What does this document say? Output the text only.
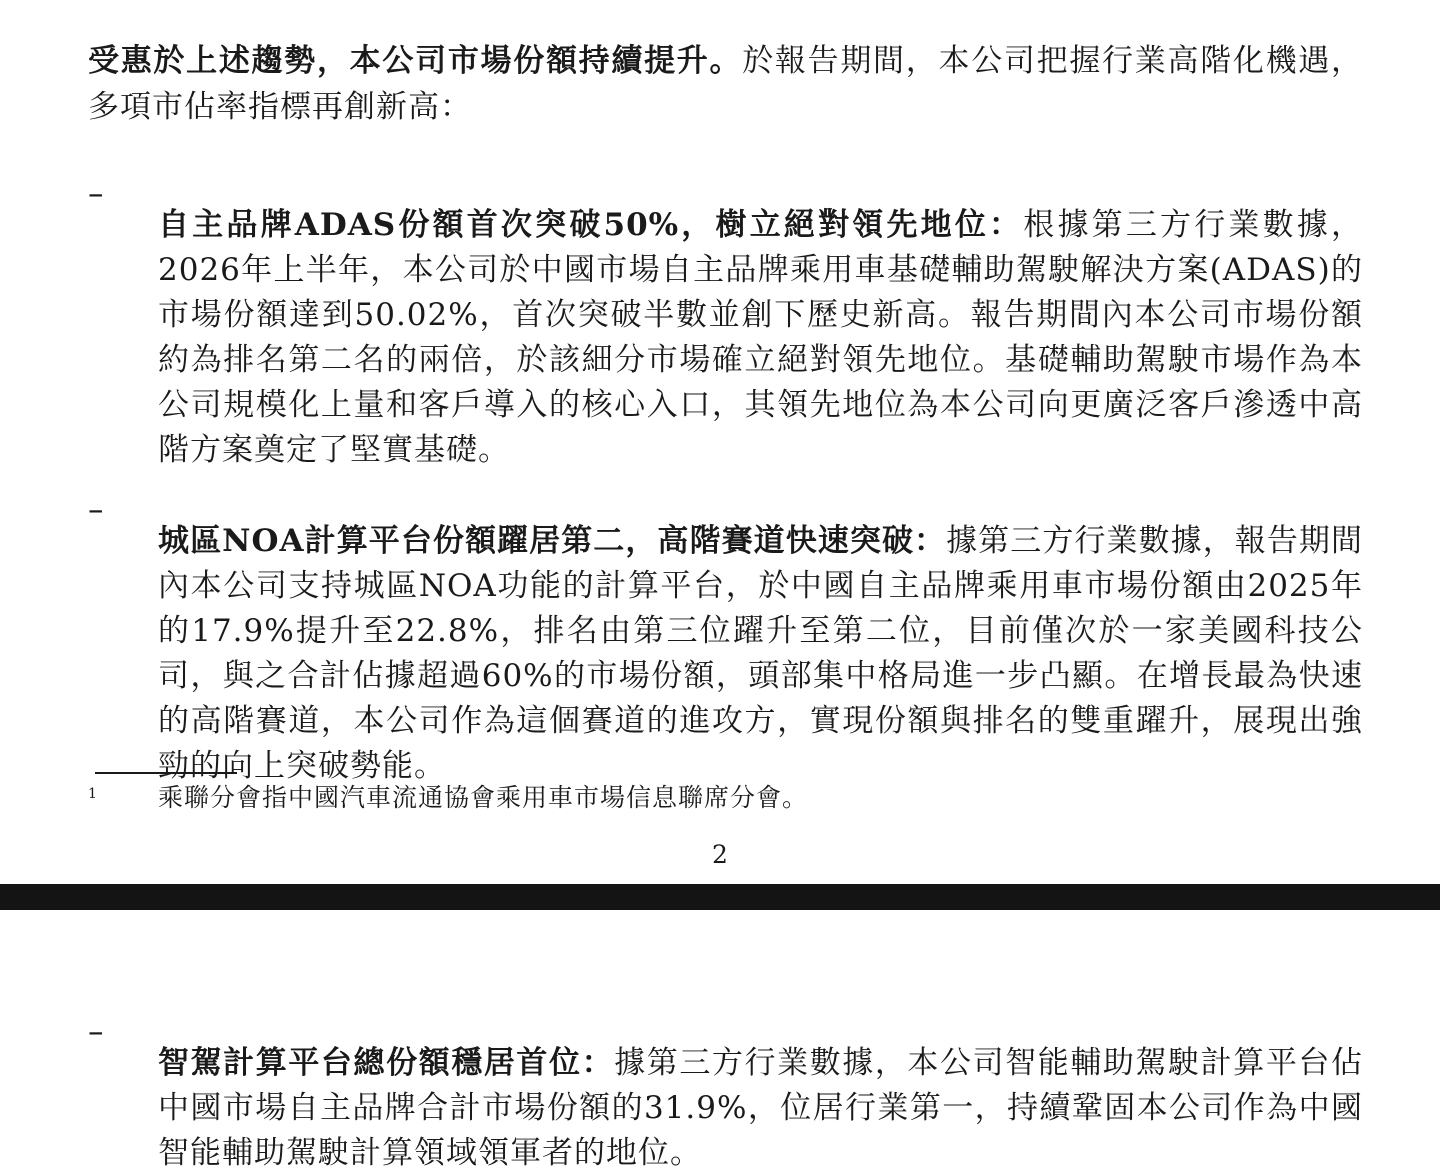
受惠於上述趨勢，本公司市場份額持續提升。於報告期間，本公司把握行業高階化機遇，多項市佔率指標再創新高：

–

自主品牌ADAS份額首次突破50%，樹立絕對領先地位：根據第三方行業數據，2026年上半年，本公司於中國市場自主品牌乘用車基礎輔助駕駛解決方案(ADAS)的市場份額達到50.02%，首次突破半數並創下歷史新高。報告期間內本公司市場份額約為排名第二名的兩倍，於該細分市場確立絕對領先地位。基礎輔助駕駛市場作為本公司規模化上量和客戶導入的核心入口，其領先地位為本公司向更廣泛客戶滲透中高階方案奠定了堅實基礎。

–

城區NOA計算平台份額躍居第二，高階賽道快速突破：據第三方行業數據，報告期間內本公司支持城區NOA功能的計算平台，於中國自主品牌乘用車市場份額由2025年的17.9%提升至22.8%，排名由第三位躍升至第二位，目前僅次於一家美國科技公司，與之合計佔據超過60%的市場份額，頭部集中格局進一步凸顯。在增長最為快速的高階賽道，本公司作為這個賽道的進攻方，實現份額與排名的雙重躍升，展現出強勁的向上突破勢能。

1 乘聯分會指中國汽車流通協會乘用車市場信息聯席分會。
2
–

智駕計算平台總份額穩居首位：據第三方行業數據，本公司智能輔助駕駛計算平台佔中國市場自主品牌合計市場份額的31.9%，位居行業第一，持續鞏固本公司作為中國智能輔助駕駛計算領域領軍者的地位。
